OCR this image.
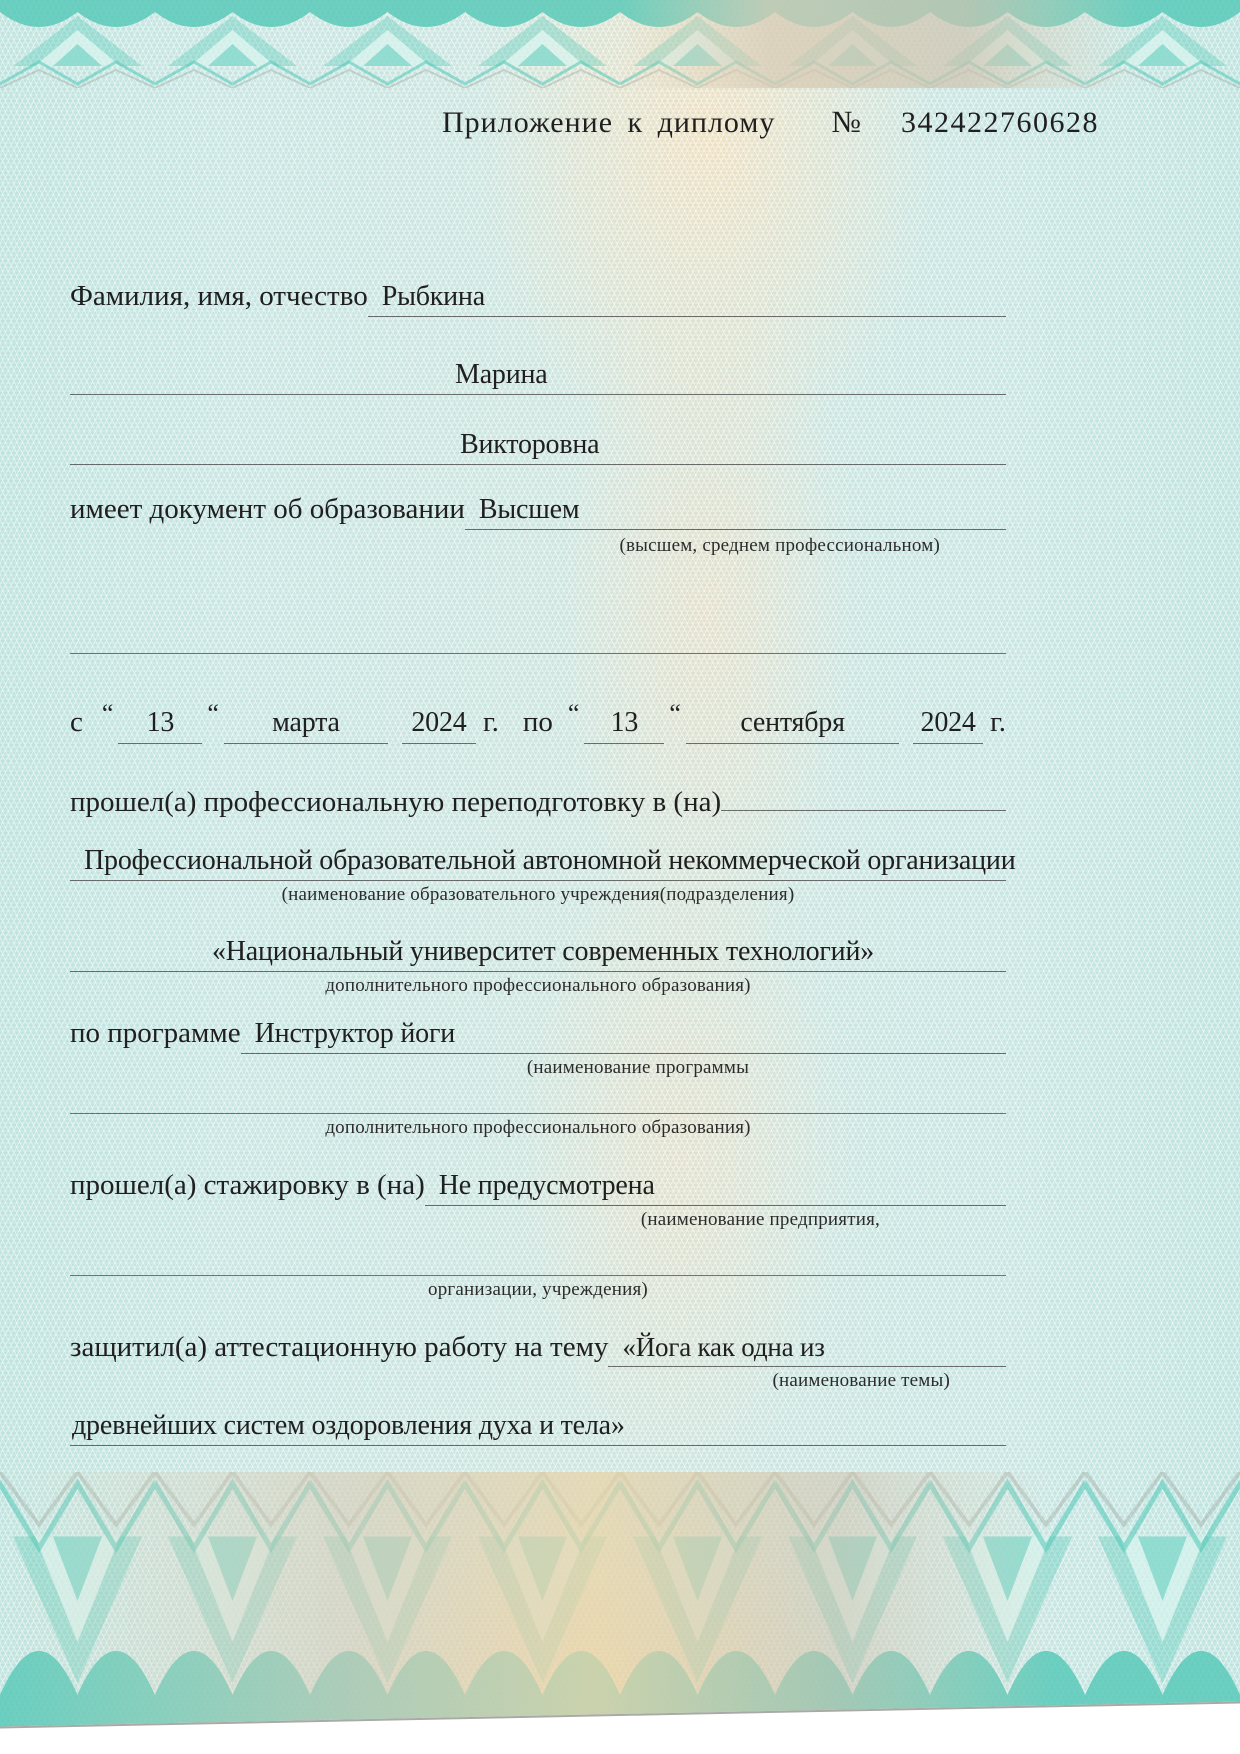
Приложение к диплому № 342422760628
Фамилия, имя, отчество Рыбкина
Марина
Викторовна
имеет документ об образовании Высшем
(высшем, среднем профессиональном)
с “	13	“	марта	2024 г. по “	13	“	сентября	2024 г.
прошел(а) профессиональную переподготовку в (на)
Профессиональной образовательной автономной некоммерческой организации
(наименование образовательного учреждения(подразделения)
«Национальный университет современных технологий»
дополнительного профессионального образования)
по программе Инструктор йоги
(наименование программы
дополнительного профессионального образования)
прошел(а) стажировку в (на) Не предусмотрена
(наименование предприятия,
организации, учреждения)
защитил(а) аттестационную работу на тему «Йога как одна из
(наименование темы)
древнейших систем оздоровления духа и тела»
